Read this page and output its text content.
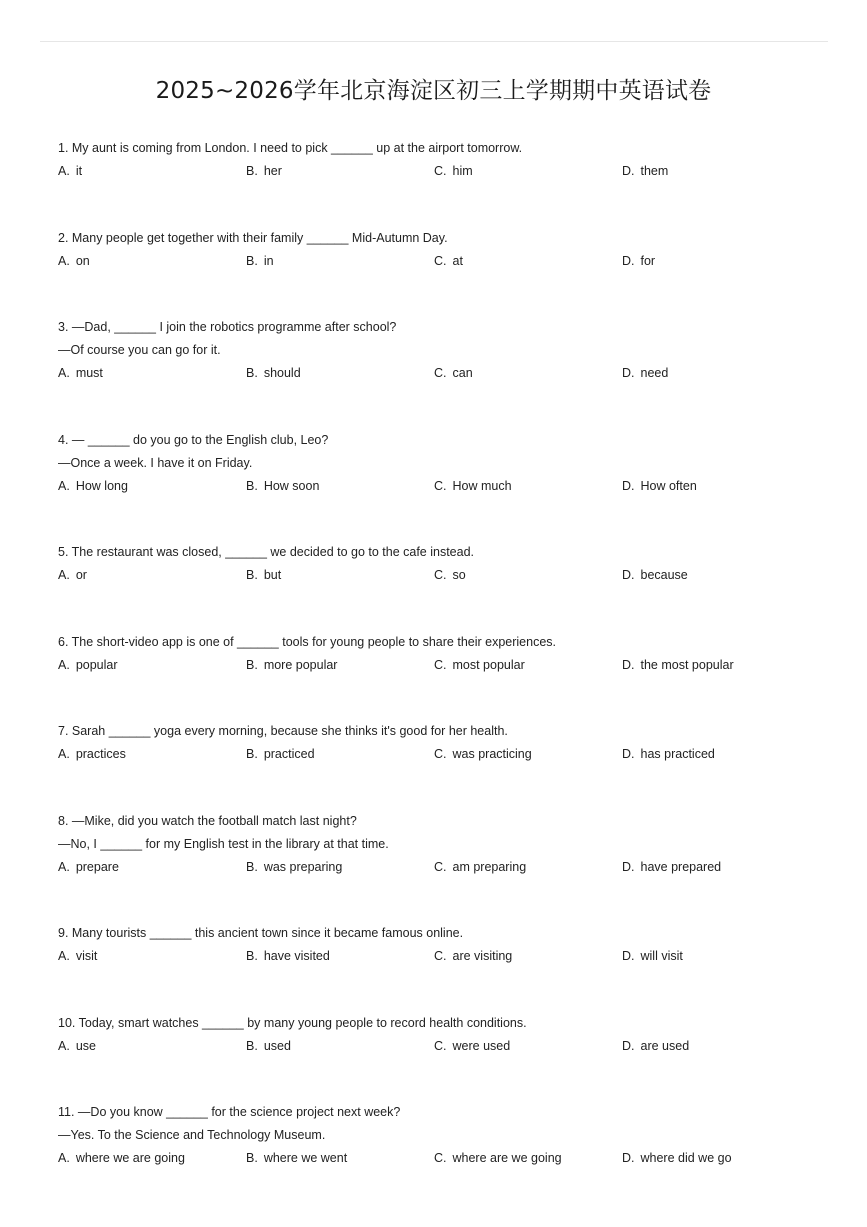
2025~2026学年北京海淀区初三上学期期中英语试卷
1. My aunt is coming from London. I need to pick ______ up at the airport tomorrow.
A. it	B. her	C. him	D. them
2. Many people get together with their family ______ Mid-Autumn Day.
A. on	B. in	C. at	D. for
3. —Dad, ______ I join the robotics programme after school?
—Of course you can go for it.
A. must	B. should	C. can	D. need
4. — ______ do you go to the English club, Leo?
—Once a week. I have it on Friday.
A. How long	B. How soon	C. How much	D. How often
5. The restaurant was closed, ______ we decided to go to the cafe instead.
A. or	B. but	C. so	D. because
6. The short-video app is one of ______ tools for young people to share their experiences.
A. popular	B. more popular	C. most popular	D. the most popular
7. Sarah ______ yoga every morning, because she thinks it's good for her health.
A. practices	B. practiced	C. was practicing	D. has practiced
8. —Mike, did you watch the football match last night?
—No, I ______ for my English test in the library at that time.
A. prepare	B. was preparing	C. am preparing	D. have prepared
9. Many tourists ______ this ancient town since it became famous online.
A. visit	B. have visited	C. are visiting	D. will visit
10. Today, smart watches ______ by many young people to record health conditions.
A. use	B. used	C. were used	D. are used
11. —Do you know ______ for the science project next week?
—Yes. To the Science and Technology Museum.
A. where we are going	B. where we went	C. where are we going	D. where did we go
